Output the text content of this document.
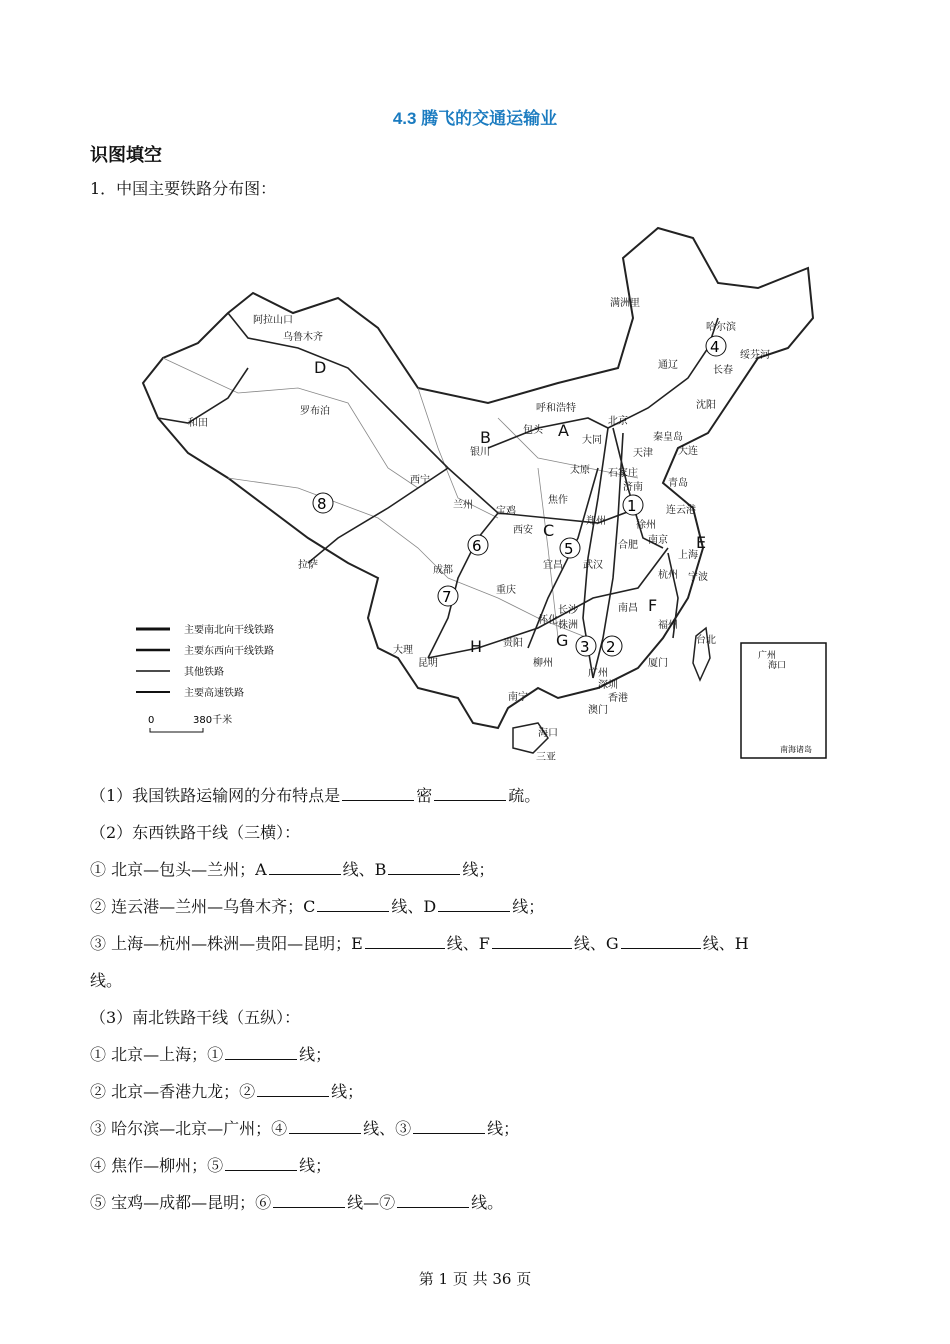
4.3 腾飞的交通运输业
识图填空
1．中国主要铁路分布图：
阿拉山口
乌鲁木齐
罗布泊
和田
拉萨
西宁
兰州
银川
包头
呼和浩特
北京
大同
太原 石家庄
天津
秦皇岛
大连
沈阳
长春
哈尔滨
满洲里
通辽
绥芬河
济南	青岛
连云港
徐州
郑州
焦作
宝鸡
西安
成都
重庆
宜昌 武汉
合肥 南京
上海
杭州 宁波
南昌
福州
厦门
长沙
株洲
怀化
贵阳
柳州
昆明
大理
南宁
广州
深圳
香港
澳门
海口
三亚
台北
A
B
C
D
E
F
G
H
1
2
3
4
5
6
7
8
主要南北向干线铁路
主要东西向干线铁路
其他铁路
主要高速铁路
0	380千米
广州
海口
南海诸岛
（1）我国铁路运输网的分布特点是	密	疏。
（2）东西铁路干线（三横）：
① 北京—包头—兰州；A	线、B	线；
② 连云港—兰州—乌鲁木齐；C	线、D	线；
③ 上海—杭州—株洲—贵阳—昆明；E	线、F	线、G	线、H
线。
（3）南北铁路干线（五纵）：
① 北京—上海；①	线；
② 北京—香港九龙；②	线；
③ 哈尔滨—北京—广州；④	线、③	线；
④ 焦作—柳州；⑤	线；
⑤ 宝鸡—成都—昆明；⑥	线—⑦	线。
第 1 页 共 36 页
